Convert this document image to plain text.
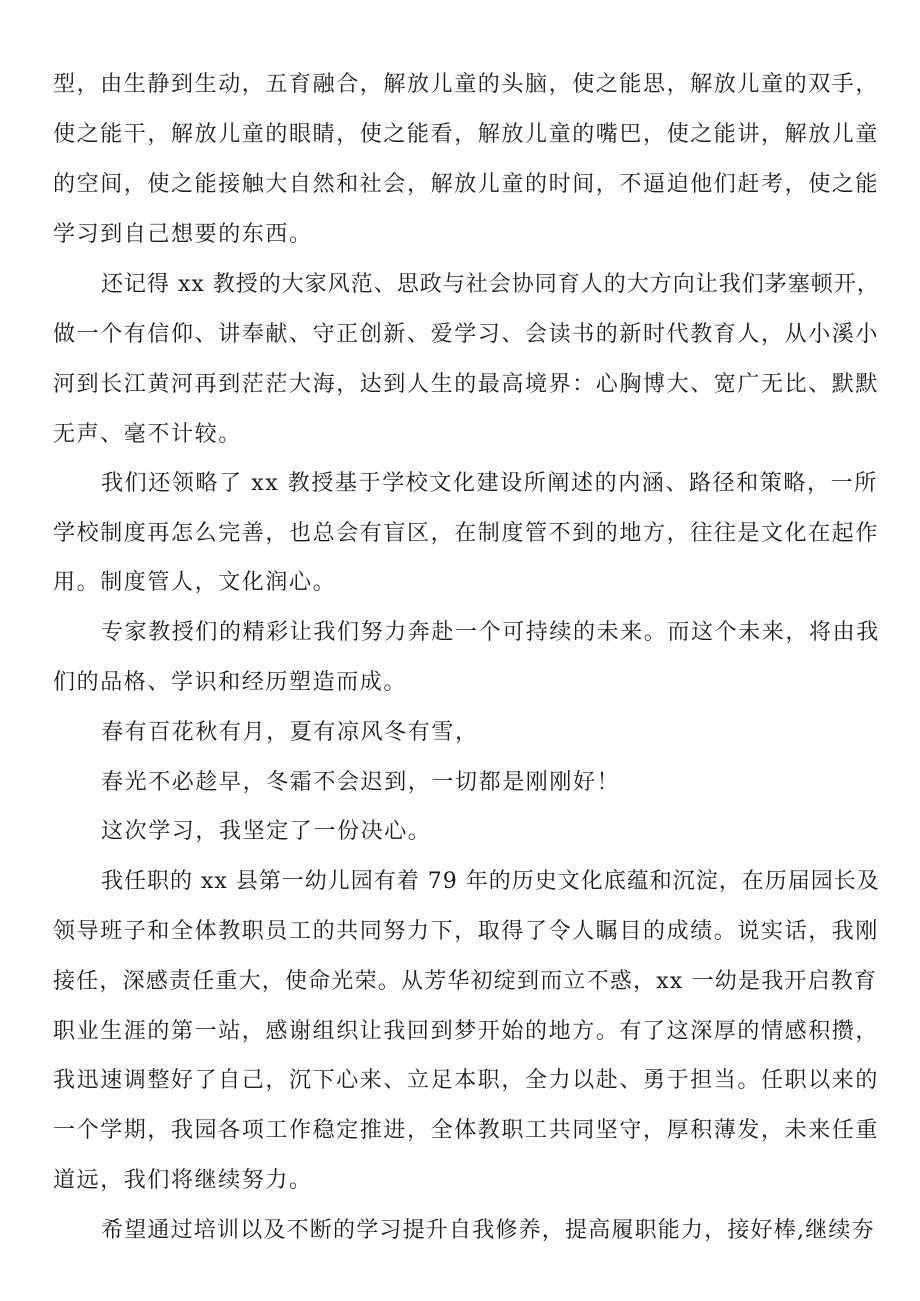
型，由生静到生动，五育融合，解放儿童的头脑，使之能思，解放儿童的双手，
使之能干，解放儿童的眼睛，使之能看，解放儿童的嘴巴，使之能讲，解放儿童
的空间，使之能接触大自然和社会，解放儿童的时间，不逼迫他们赶考，使之能
学习到自己想要的东西。
还记得 xx 教授的大家风范、思政与社会协同育人的大方向让我们茅塞顿开，
做一个有信仰、讲奉献、守正创新、爱学习、会读书的新时代教育人，从小溪小
河到长江黄河再到茫茫大海，达到人生的最高境界：心胸博大、宽广无比、默默
无声、毫不计较。
我们还领略了 xx 教授基于学校文化建设所阐述的内涵、路径和策略，一所
学校制度再怎么完善，也总会有盲区，在制度管不到的地方，往往是文化在起作
用。制度管人，文化润心。
专家教授们的精彩让我们努力奔赴一个可持续的未来。而这个未来，将由我
们的品格、学识和经历塑造而成。
春有百花秋有月，夏有凉风冬有雪，
春光不必趁早，冬霜不会迟到，一切都是刚刚好！
这次学习，我坚定了一份决心。
我任职的 xx 县第一幼儿园有着 79 年的历史文化底蕴和沉淀，在历届园长及
领导班子和全体教职员工的共同努力下，取得了令人瞩目的成绩。说实话，我刚
接任，深感责任重大，使命光荣。从芳华初绽到而立不惑，xx 一幼是我开启教育
职业生涯的第一站，感谢组织让我回到梦开始的地方。有了这深厚的情感积攒，
我迅速调整好了自己，沉下心来、立足本职，全力以赴、勇于担当。任职以来的
一个学期，我园各项工作稳定推进，全体教职工共同坚守，厚积薄发，未来任重
道远，我们将继续努力。
希望通过培训以及不断的学习提升自我修养，提高履职能力，接好棒,继续夯
